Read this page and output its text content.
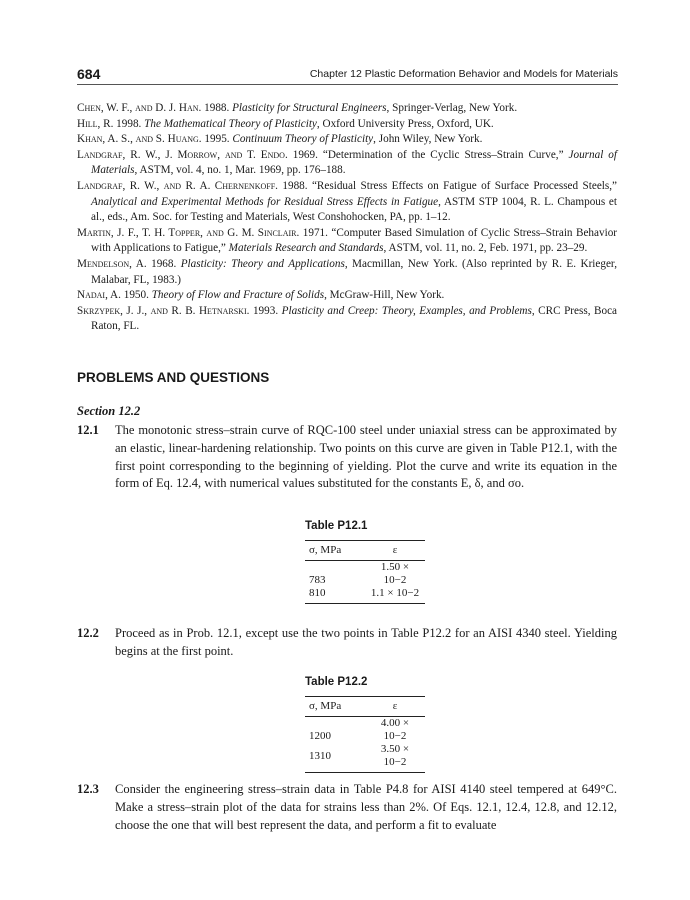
684	Chapter 12 Plastic Deformation Behavior and Models for Materials

Chen, W. F., and D. J. Han. 1988. Plasticity for Structural Engineers, Springer-Verlag, New York.

Hill, R. 1998. The Mathematical Theory of Plasticity, Oxford University Press, Oxford, UK.

Khan, A. S., and S. Huang. 1995. Continuum Theory of Plasticity, John Wiley, New York.

Landgraf, R. W., J. Morrow, and T. Endo. 1969. “Determination of the Cyclic Stress–Strain Curve,” Journal of Materials, ASTM, vol. 4, no. 1, Mar. 1969, pp. 176–188.

Landgraf, R. W., and R. A. Chernenkoff. 1988. “Residual Stress Effects on Fatigue of Surface Processed Steels,” Analytical and Experimental Methods for Residual Stress Effects in Fatigue, ASTM STP 1004, R. L. Champous et al., eds., Am. Soc. for Testing and Materials, West Conshohocken, PA, pp. 1–12.

Martin, J. F., T. H. Topper, and G. M. Sinclair. 1971. “Computer Based Simulation of Cyclic Stress–Strain Behavior with Applications to Fatigue,” Materials Research and Standards, ASTM, vol. 11, no. 2, Feb. 1971, pp. 23–29.

Mendelson, A. 1968. Plasticity: Theory and Applications, Macmillan, New York. (Also reprinted by R. E. Krieger, Malabar, FL, 1983.)

Nadai, A. 1950. Theory of Flow and Fracture of Solids, McGraw-Hill, New York.

Skrzypek, J. J., and R. B. Hetnarski. 1993. Plasticity and Creep: Theory, Examples, and Problems, CRC Press, Boca Raton, FL.

PROBLEMS AND QUESTIONS
Section 12.2
12.1 The monotonic stress–strain curve of RQC-100 steel under uniaxial stress can be approximated by an elastic, linear-hardening relationship. Two points on this curve are given in Table P12.1, with the first point corresponding to the beginning of yielding. Plot the curve and write its equation in the form of Eq. 12.4, with numerical values substituted for the constants E, δ, and σo.
Table P12.1
σ, MPa	ε
783	1.50 × 10−2
810	1.1 × 10−2
12.2 Proceed as in Prob. 12.1, except use the two points in Table P12.2 for an AISI 4340 steel. Yielding begins at the first point.
Table P12.2
σ, MPa	ε
1200	4.00 × 10−2
1310	3.50 × 10−2
12.3 Consider the engineering stress–strain data in Table P4.8 for AISI 4140 steel tempered at 649°C. Make a stress–strain plot of the data for strains less than 2%. Of Eqs. 12.1, 12.4, 12.8, and 12.12, choose the one that will best represent the data, and perform a fit to evaluate
